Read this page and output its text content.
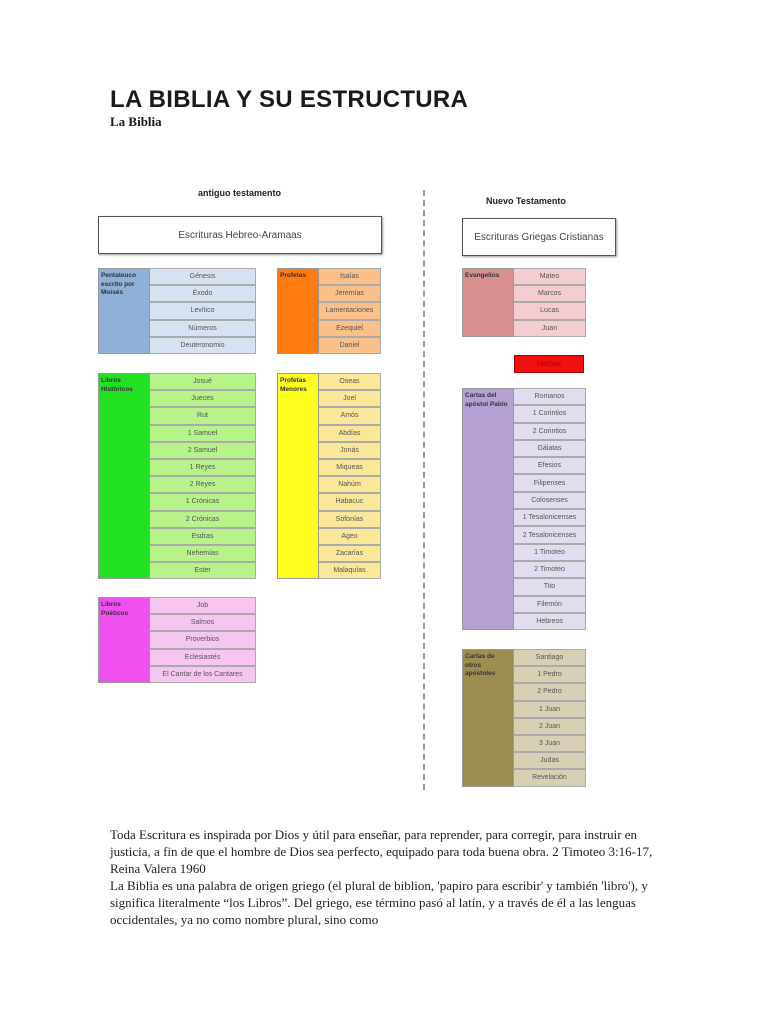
LA BIBLIA Y SU ESTRUCTURA
La Biblia
antiguo testamento
Escrituras Hebreo-Aramaas
Nuevo Testamento
Escrituras Griegas Cristianas
Pentateuco escrito por Moisés
Génesis
Éxodo
Levítico
Números
Deuteronomio
Libros Históricos
Josué
Jueces
Rut
1 Samuel
2 Samuel
1 Reyes
2 Reyes
1 Crónicas
2 Crónicas
Esdras
Nehemías
Ester
Libros Poéticos
Job
Salmos
Proverbios
Eclesiastés
El Cantar de los Cantares
Profetas	Isaías
Jeremías
Lamentaciones
Ezequiel
Daniel
Profetas Menores
Oseas
Joel
Amós
Abdías
Jonás
Miqueas
Nahúm
Habacuc
Sofonías
Ageo
Zacarías
Malaquías
Evangelios	Mateo
Marcos
Lucas
Juan
Hechos
Cartas del apóstol Pablo
Romanos
1 Corintios
2 Corintios
Gálatas
Efesios
Filipenses
Colosenses
1 Tesalonicenses
2 Tesalonicenses
1 Timoteo
2 Timoteo
Tito
Filemón
Hebreos
Cartas de otros apóstoles
Santiago
1 Pedro
2 Pedro
1 Juan
2 Juan
3 Juan
Judas
Revelación

Toda Escritura es inspirada por Dios y útil para enseñar, para reprender, para corregir, para instruir en justicia, a fin de que el hombre de Dios sea perfecto, equipado para toda buena obra. 2 Timoteo 3:16-17, Reina Valera 1960

La Biblia es una palabra de origen griego (el plural de biblion, 'papiro para escribir' y también 'libro'), y significa literalmente “los Libros”. Del griego, ese término pasó al latín, y a través de él a las lenguas occidentales, ya no como nombre plural, sino como
